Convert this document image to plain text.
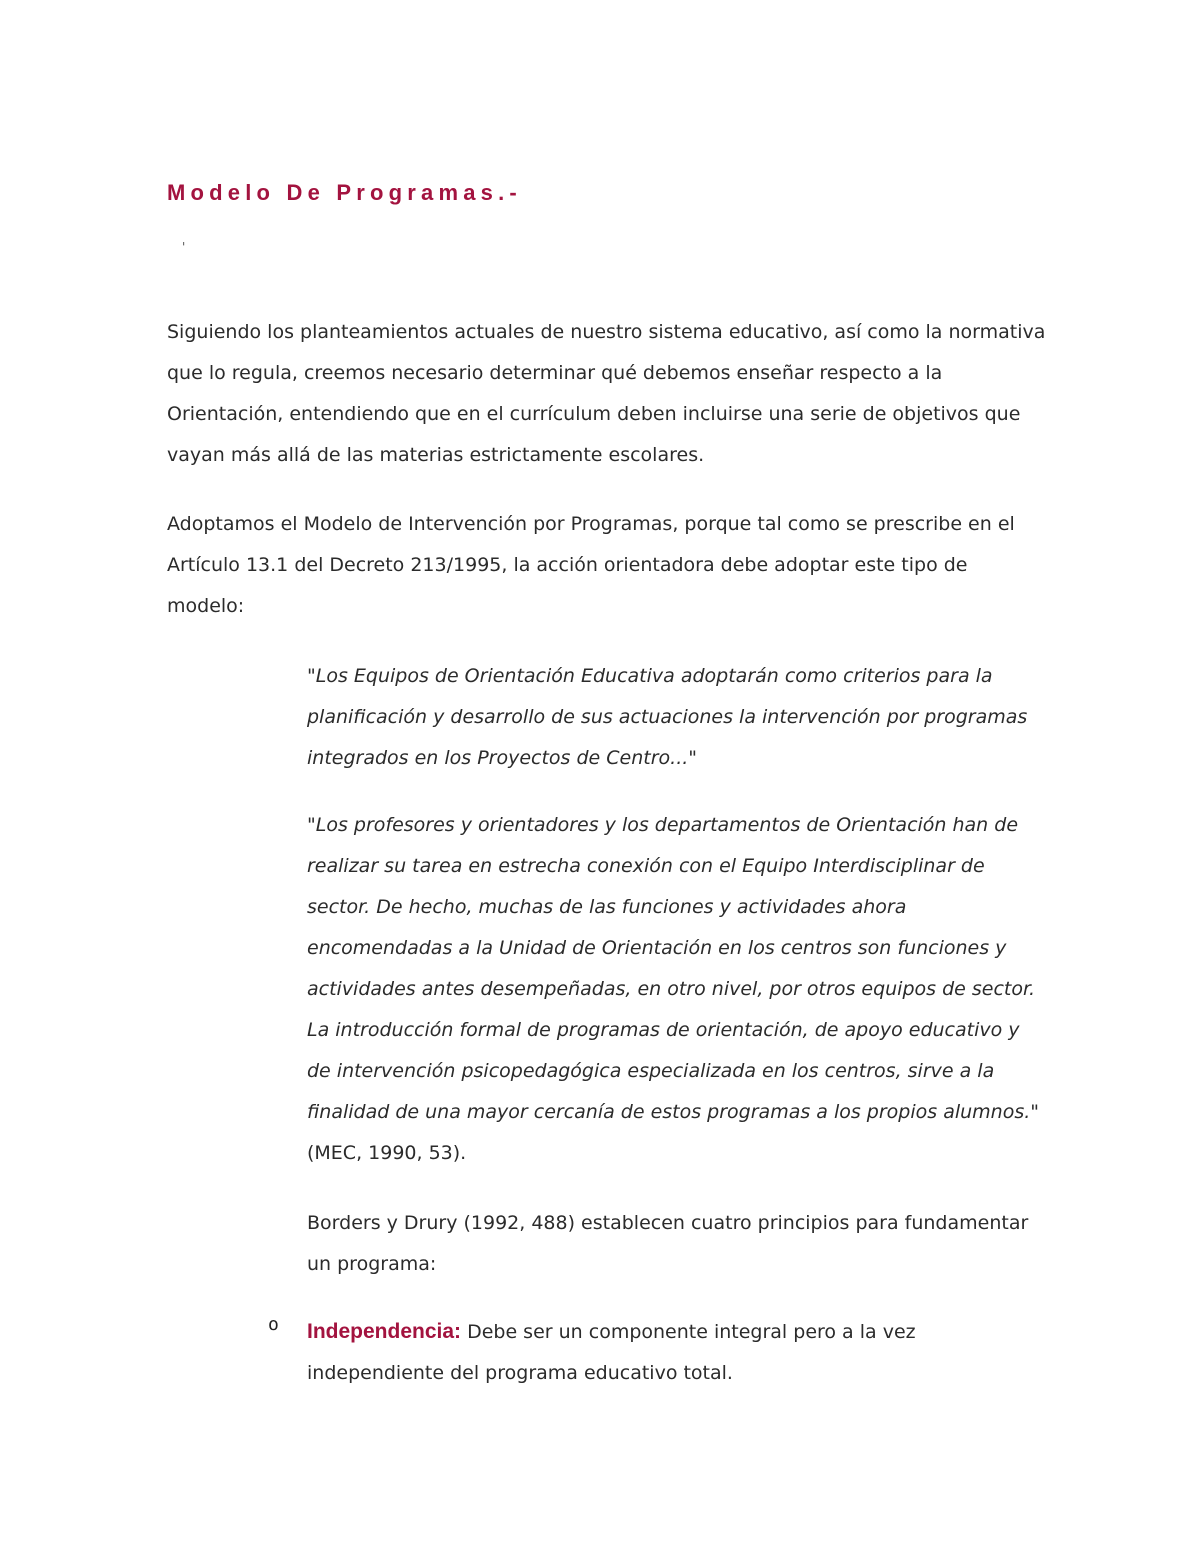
Modelo De Programas.-
'

Siguiendo los planteamientos actuales de nuestro sistema educativo, así como la normativa que lo regula, creemos necesario determinar qué debemos enseñar respecto a la Orientación, entendiendo que en el currículum deben incluirse una serie de objetivos que vayan más allá de las materias estrictamente escolares.

Adoptamos el Modelo de Intervención por Programas, porque tal como se prescribe en el Artículo 13.1 del Decreto 213/1995, la acción orientadora debe adoptar este tipo de modelo:

"Los Equipos de Orientación Educativa adoptarán como criterios para la planificación y desarrollo de sus actuaciones la intervención por programas integrados en los Proyectos de Centro..."

"Los profesores y orientadores y los departamentos de Orientación han de realizar su tarea en estrecha conexión con el Equipo Interdisciplinar de sector. De hecho, muchas de las funciones y actividades ahora encomendadas a la Unidad de Orientación en los centros son funciones y actividades antes desempeñadas, en otro nivel, por otros equipos de sector. La introducción formal de programas de orientación, de apoyo educativo y de intervención psicopedagógica especializada en los centros, sirve a la finalidad de una mayor cercanía de estos programas a los propios alumnos." (MEC, 1990, 53).

Borders y Drury (1992, 488) establecen cuatro principios para fundamentar un programa:

o Independencia: Debe ser un componente integral pero a la vez independiente del programa educativo total.
